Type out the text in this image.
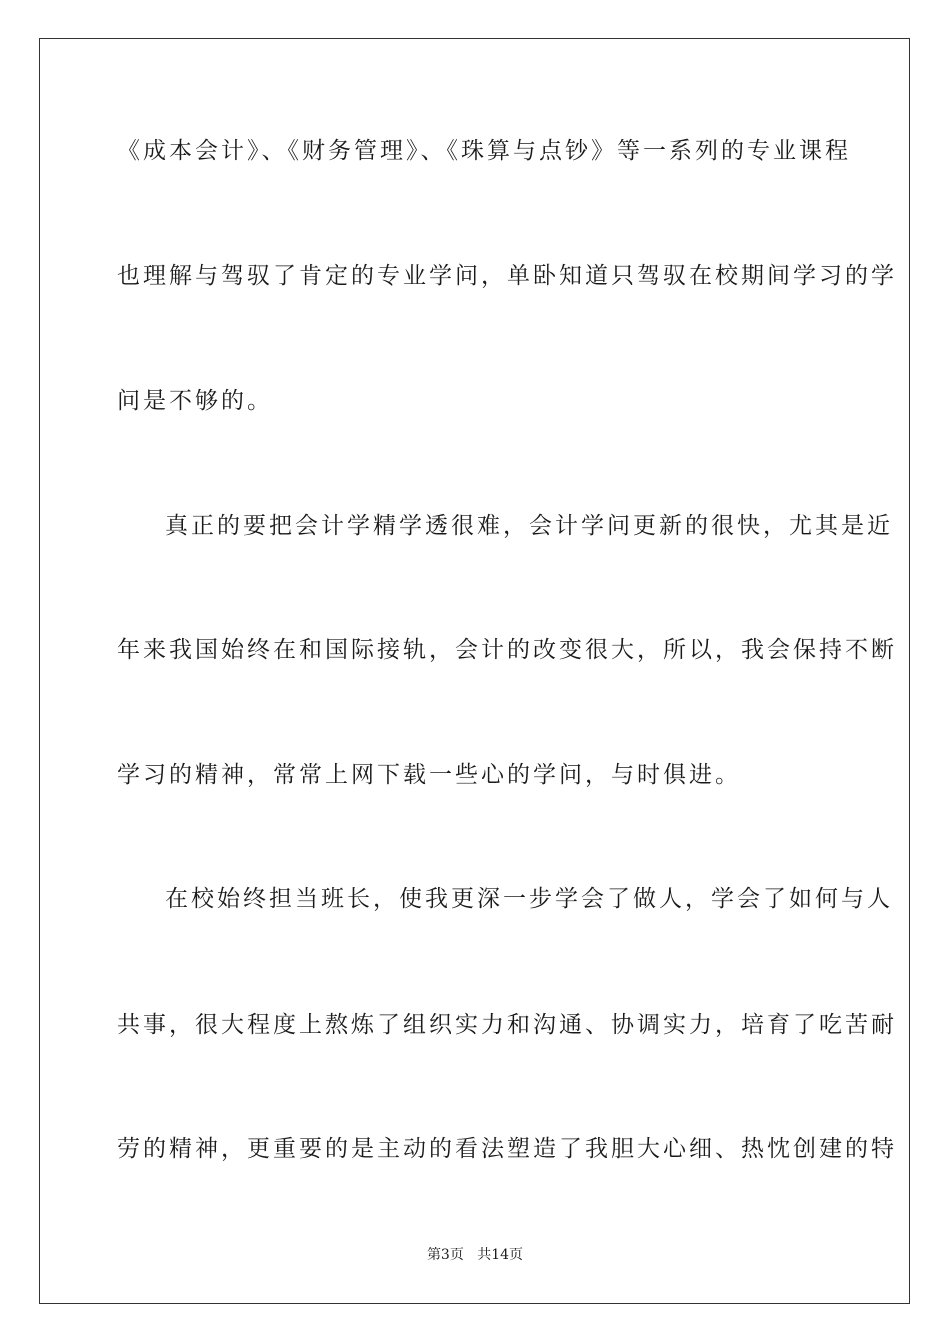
《成本会计》、《财务管理》、《珠算与点钞》等一系列的专业课程
也理解与驾驭了肯定的专业学问，单卧知道只驾驭在校期间学习的学
问是不够的。
真正的要把会计学精学透很难，会计学问更新的很快，尤其是近
年来我国始终在和国际接轨，会计的改变很大，所以，我会保持不断
学习的精神，常常上网下载一些心的学问，与时俱进。
在校始终担当班长，使我更深一步学会了做人，学会了如何与人
共事，很大程度上熬炼了组织实力和沟通、协调实力，培育了吃苦耐
劳的精神，更重要的是主动的看法塑造了我胆大心细、热忱创建的特
第3页 共14页
